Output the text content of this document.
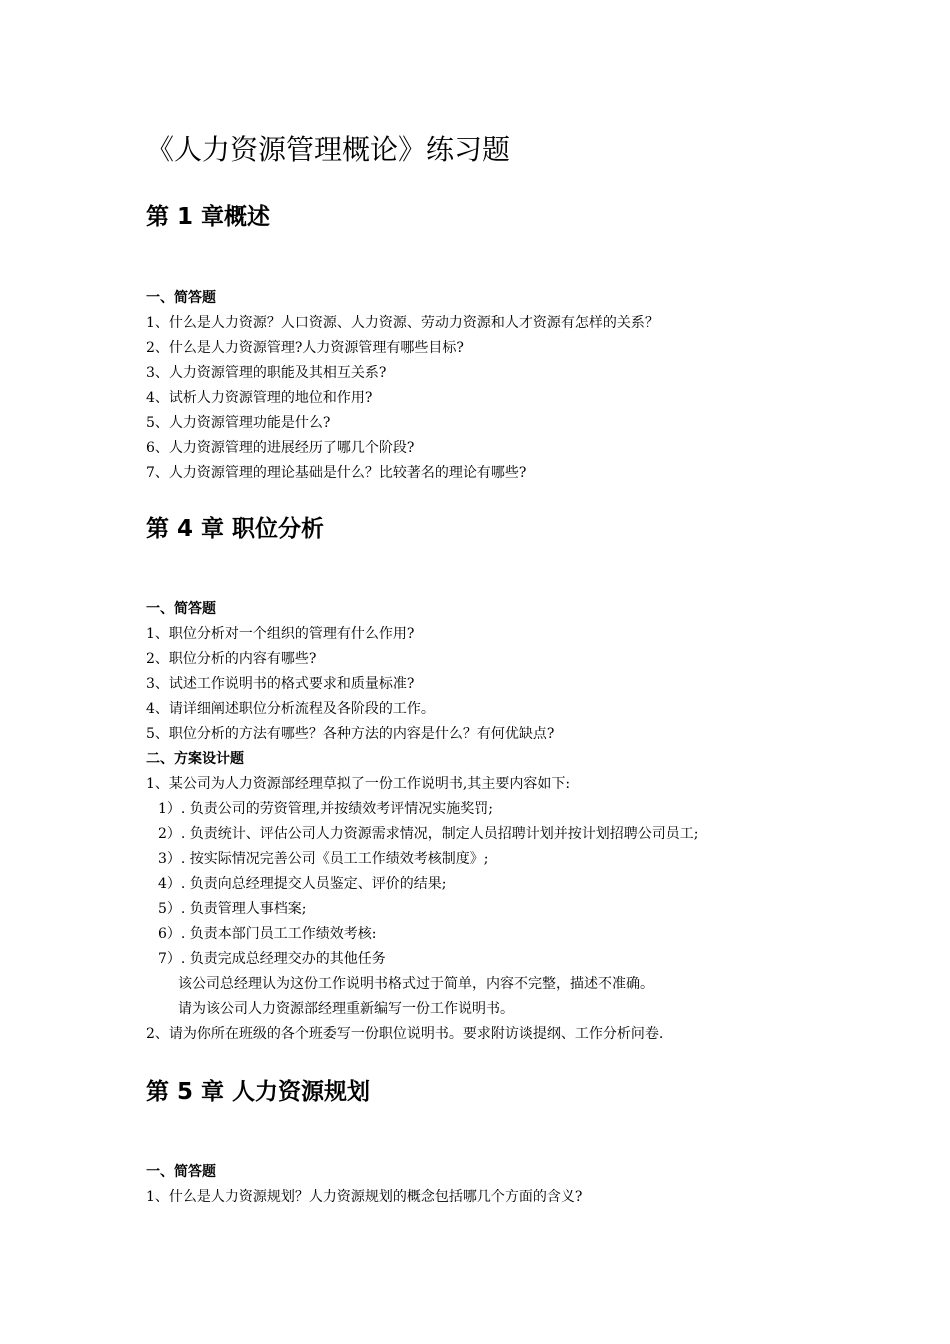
《人力资源管理概论》练习题
第 1 章概述
一、简答题
1、什么是人力资源？人口资源、人力资源、劳动力资源和人才资源有怎样的关系？
2、什么是人力资源管理?人力资源管理有哪些目标?
3、人力资源管理的职能及其相互关系?
4、试析人力资源管理的地位和作用?
5、人力资源管理功能是什么?
6、人力资源管理的进展经历了哪几个阶段?
7、人力资源管理的理论基础是什么？比较著名的理论有哪些?
第 4 章 职位分析
一、简答题
1、职位分析对一个组织的管理有什么作用?
2、职位分析的内容有哪些?
3、试述工作说明书的格式要求和质量标准?
4、请详细阐述职位分析流程及各阶段的工作。
5、职位分析的方法有哪些？各种方法的内容是什么？有何优缺点?
二、方案设计题
1、某公司为人力资源部经理草拟了一份工作说明书,其主要内容如下:
1）. 负责公司的劳资管理,并按绩效考评情况实施奖罚;
2）. 负责统计、评估公司人力资源需求情况，制定人员招聘计划并按计划招聘公司员工;
3）. 按实际情况完善公司《员工工作绩效考核制度》;
4）. 负责向总经理提交人员鉴定、评价的结果;
5）. 负责管理人事档案;
6）. 负责本部门员工工作绩效考核:
7）. 负责完成总经理交办的其他任务
该公司总经理认为这份工作说明书格式过于简单，内容不完整，描述不准确。
请为该公司人力资源部经理重新编写一份工作说明书。
2、请为你所在班级的各个班委写一份职位说明书。要求附访谈提纲、工作分析问卷.
第 5 章 人力资源规划
一、简答题
1、什么是人力资源规划？人力资源规划的概念包括哪几个方面的含义?
